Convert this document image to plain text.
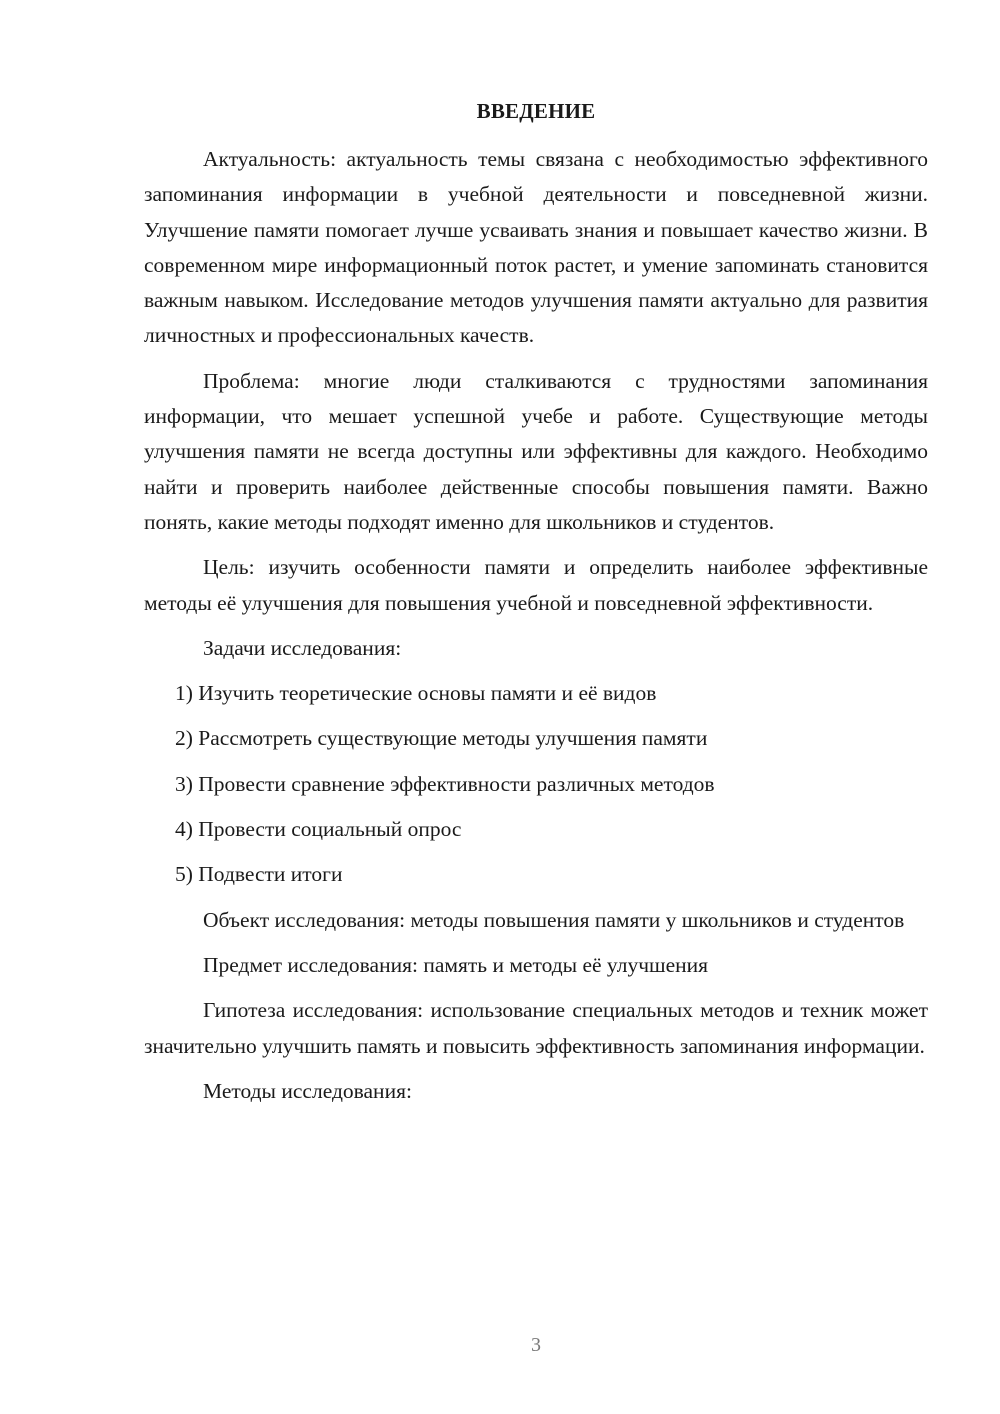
ВВЕДЕНИЕ

Актуальность: актуальность темы связана с необходимостью эффективного запоминания информации в учебной деятельности и повседневной жизни. Улучшение памяти помогает лучше усваивать знания и повышает качество жизни. В современном мире информационный поток растет, и умение запоминать становится важным навыком. Исследование методов улучшения памяти актуально для развития личностных и профессиональных качеств.

Проблема: многие люди сталкиваются с трудностями запоминания информации, что мешает успешной учебе и работе. Существующие методы улучшения памяти не всегда доступны или эффективны для каждого. Необходимо найти и проверить наиболее действенные способы повышения памяти. Важно понять, какие методы подходят именно для школьников и студентов.

Цель: изучить особенности памяти и определить наиболее эффективные методы её улучшения для повышения учебной и повседневной эффективности.

Задачи исследования:

1) Изучить теоретические основы памяти и её видов

2) Рассмотреть существующие методы улучшения памяти

3) Провести сравнение эффективности различных методов

4) Провести социальный опрос

5) Подвести итоги

Объект исследования: методы повышения памяти у школьников и студентов

Предмет исследования: память и методы её улучшения

Гипотеза исследования: использование специальных методов и техник может значительно улучшить память и повысить эффективность запоминания информации.

Методы исследования:

3
